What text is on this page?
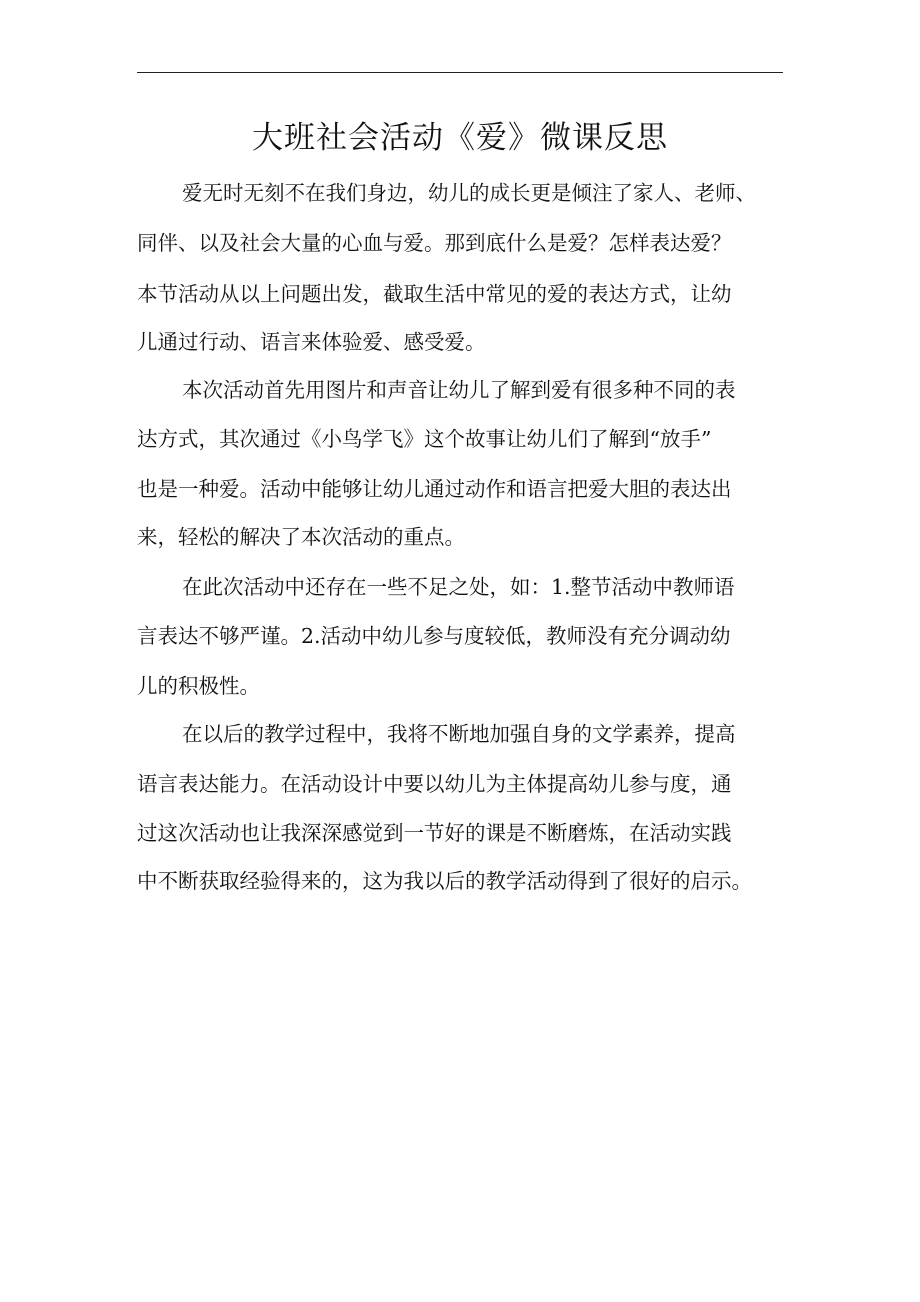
大班社会活动《爱》微课反思

爱无时无刻不在我们身边，幼儿的成长更是倾注了家人、老师、

同伴、以及社会大量的心血与爱。那到底什么是爱？怎样表达爱？

本节活动从以上问题出发，截取生活中常见的爱的表达方式，让幼

儿通过行动、语言来体验爱、感受爱。

本次活动首先用图片和声音让幼儿了解到爱有很多种不同的表

达方式，其次通过《小鸟学飞》这个故事让幼儿们了解到“放手”

也是一种爱。活动中能够让幼儿通过动作和语言把爱大胆的表达出

来，轻松的解决了本次活动的重点。

在此次活动中还存在一些不足之处，如：1.整节活动中教师语

言表达不够严谨。2.活动中幼儿参与度较低，教师没有充分调动幼

儿的积极性。

在以后的教学过程中，我将不断地加强自身的文学素养，提高

语言表达能力。在活动设计中要以幼儿为主体提高幼儿参与度，通

过这次活动也让我深深感觉到一节好的课是不断磨炼，在活动实践

中不断获取经验得来的，这为我以后的教学活动得到了很好的启示。
